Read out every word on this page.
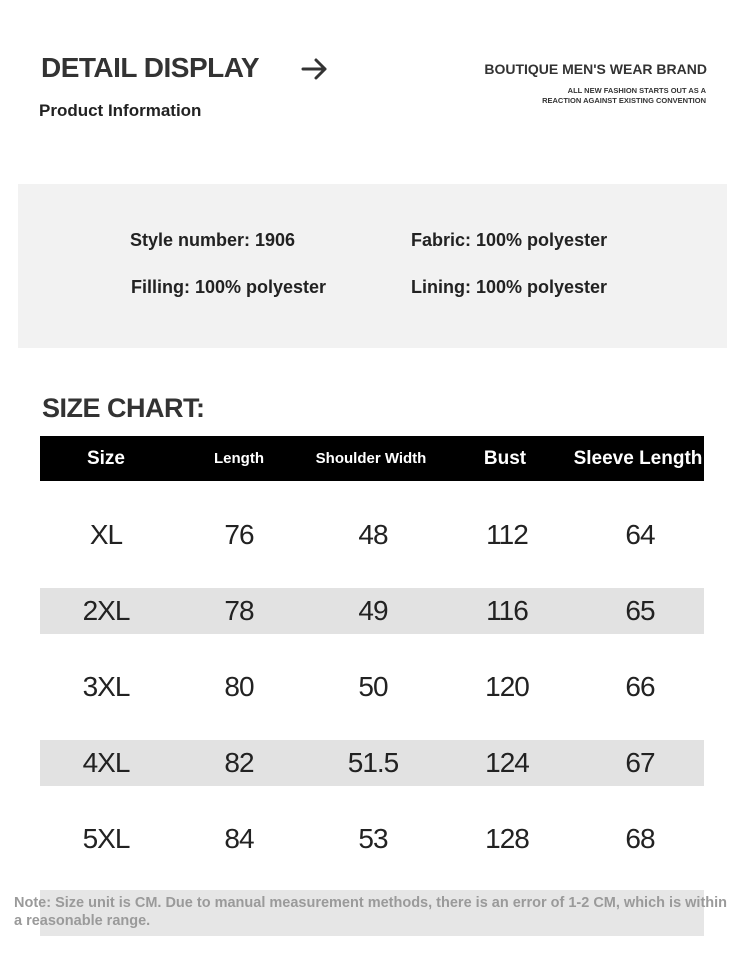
DETAIL DISPLAY
Product Information
BOUTIQUE MEN'S WEAR BRAND
ALL NEW FASHION STARTS OUT AS A
REACTION AGAINST EXISTING CONVENTION
Style number: 1906	Fabric: 100% polyester
Filling: 100% polyester	Lining: 100% polyester
SIZE CHART:
Size	Length	Shoulder Width	Bust	Sleeve Length
XL	76	48	112	64
2XL	78	49	116	65
3XL	80	50	120	66
4XL	82	51.5	124	67
5XL	84	53	128	68
Note: Size unit is CM. Due to manual measurement methods, there is an error of 1-2 CM, which is within a reasonable range.
